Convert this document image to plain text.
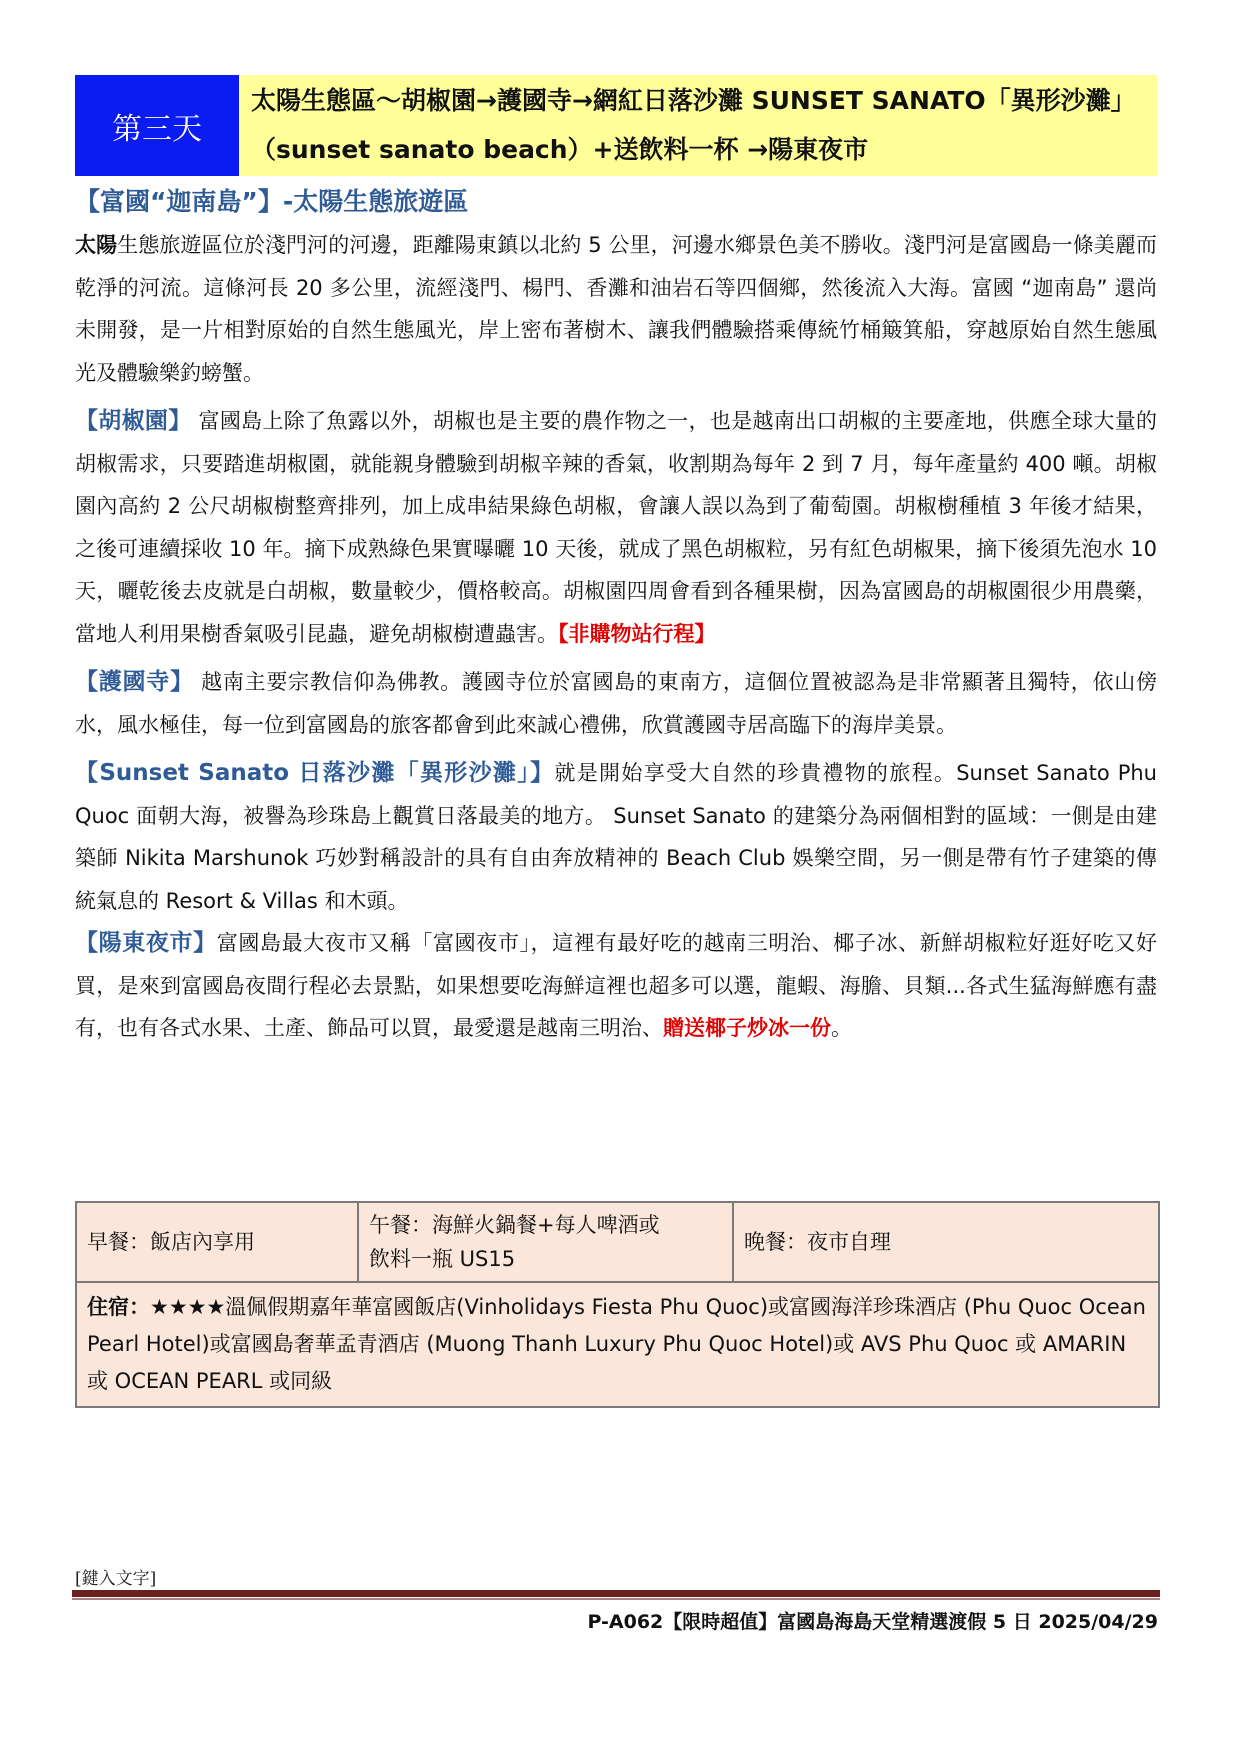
第三天
太陽生態區～胡椒園→護國寺→網紅日落沙灘 SUNSET SANATO「異形沙灘」（sunset sanato beach）+送飲料一杯 →陽東夜市
【富國“迦南島”】-太陽生態旅遊區

太陽生態旅遊區位於淺門河的河邊，距離陽東鎮以北約 5 公里，河邊水鄉景色美不勝收。淺門河是富國島一條美麗而乾淨的河流。這條河長 20 多公里，流經淺門、楊門、香灘和油岩石等四個鄉，然後流入大海。富國 “迦南島” 還尚未開發，是一片相對原始的自然生態風光，岸上密布著樹木、讓我們體驗搭乘傳統竹桶簸箕船，穿越原始自然生態風光及體驗樂釣螃蟹。

【胡椒園】 富國島上除了魚露以外，胡椒也是主要的農作物之一，也是越南出口胡椒的主要產地，供應全球大量的胡椒需求，只要踏進胡椒園，就能親身體驗到胡椒辛辣的香氣，收割期為每年 2 到 7 月，每年產量約 400 噸。胡椒園內高約 2 公尺胡椒樹整齊排列，加上成串結果綠色胡椒，會讓人誤以為到了葡萄園。胡椒樹種植 3 年後才結果，之後可連續採收 10 年。摘下成熟綠色果實曝曬 10 天後，就成了黑色胡椒粒，另有紅色胡椒果，摘下後須先泡水 10 天，曬乾後去皮就是白胡椒，數量較少，價格較高。胡椒園四周會看到各種果樹，因為富國島的胡椒園很少用農藥，當地人利用果樹香氣吸引昆蟲，避免胡椒樹遭蟲害。【非購物站行程】

【護國寺】 越南主要宗教信仰為佛教。護國寺位於富國島的東南方，這個位置被認為是非常顯著且獨特，依山傍水，風水極佳，每一位到富國島的旅客都會到此來誠心禮佛，欣賞護國寺居高臨下的海岸美景。

【Sunset Sanato 日落沙灘「異形沙灘」】就是開始享受大自然的珍貴禮物的旅程。Sunset Sanato Phu Quoc 面朝大海，被譽為珍珠島上觀賞日落最美的地方。 Sunset Sanato 的建築分為兩個相對的區域：一側是由建築師 Nikita Marshunok 巧妙對稱設計的具有自由奔放精神的 Beach Club 娛樂空間，另一側是帶有竹子建築的傳統氣息的 Resort & Villas 和木頭。

【陽東夜市】富國島最大夜市又稱「富國夜市」，這裡有最好吃的越南三明治、椰子冰、新鮮胡椒粒好逛好吃又好買，是來到富國島夜間行程必去景點，如果想要吃海鮮這裡也超多可以選，龍蝦、海膽、貝類...各式生猛海鮮應有盡有，也有各式水果、土產、飾品可以買，最愛還是越南三明治、贈送椰子炒冰一份。

早餐：飯店內享用	
午餐：海鮮火鍋餐+每人啤酒或
飲料一瓶 US15
	晚餐：夜市自理
住宿：★★★★溫佩假期嘉年華富國飯店(Vinholidays Fiesta Phu Quoc)或富國海洋珍珠酒店 (Phu Quoc Ocean Pearl Hotel)或富國島奢華孟青酒店 (Muong Thanh Luxury Phu Quoc Hotel)或 AVS Phu Quoc 或 AMARIN 或 OCEAN PEARL 或同級
[鍵入文字]
P-A062【限時超值】富國島海島天堂精選渡假 5 日 2025/04/29
